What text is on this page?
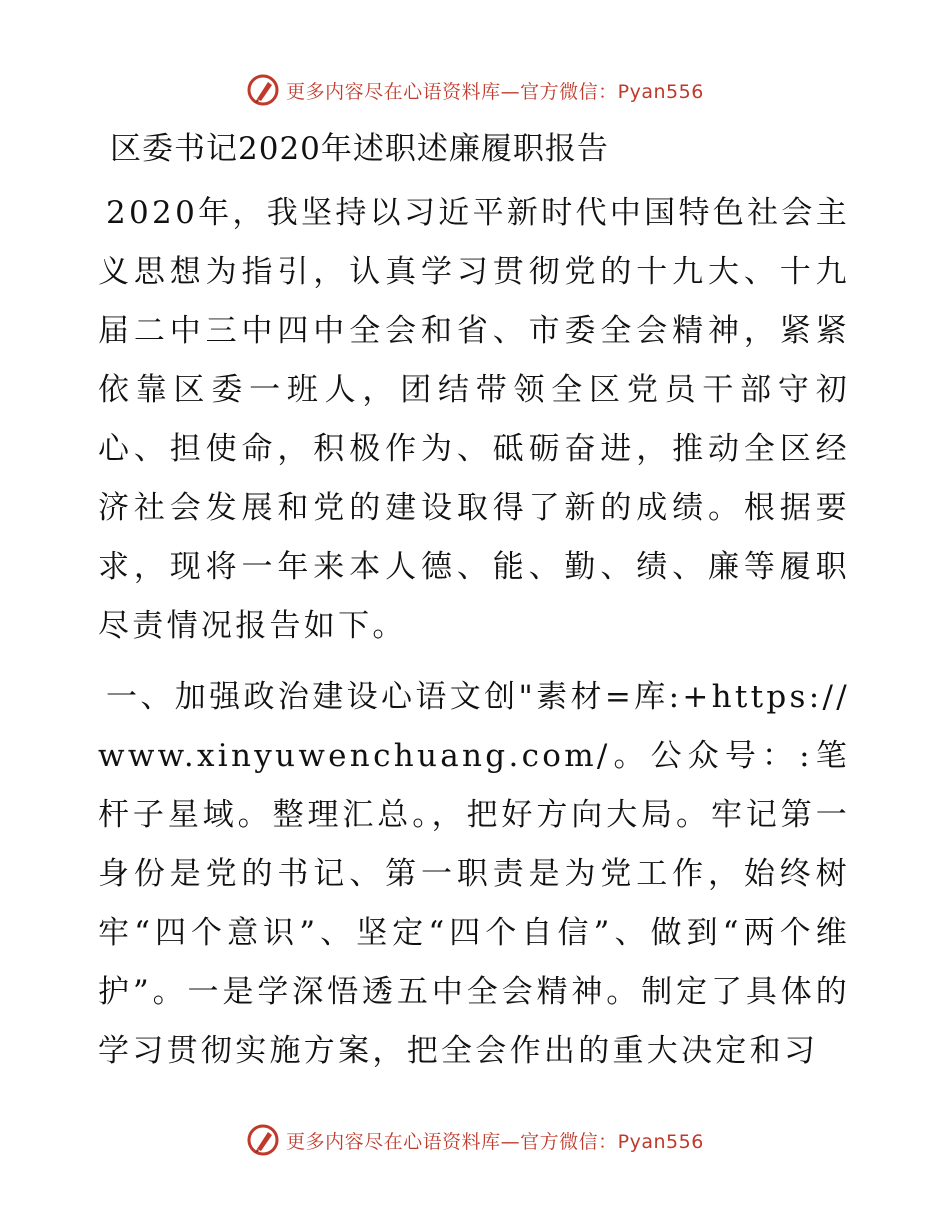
更多内容尽在心语资料库—官方微信：Pyan556
区委书记2020年述职述廉履职报告

2020年，我坚持以习近平新时代中国特色社会主义思想为指引，认真学习贯彻党的十九大、十九届二中三中四中全会和省、市委全会精神，紧紧依靠区委一班人，团结带领全区党员干部守初心、担使命，积极作为、砥砺奋进，推动全区经济社会发展和党的建设取得了新的成绩。根据要求，现将一年来本人德、能、勤、绩、廉等履职尽责情况报告如下。

一、加强政治建设心语文创"素材=库:+https://www.xinyuwenchuang.com/。公众号：:笔杆子星域。整理汇总。，把好方向大局。牢记第一身份是党的书记、第一职责是为党工作，始终树牢“四个意识”、坚定“四个自信”、做到“两个维护”。一是学深悟透五中全会精神。制定了具体的学习贯彻实施方案，把全会作出的重大决定和习

更多内容尽在心语资料库—官方微信：Pyan556
